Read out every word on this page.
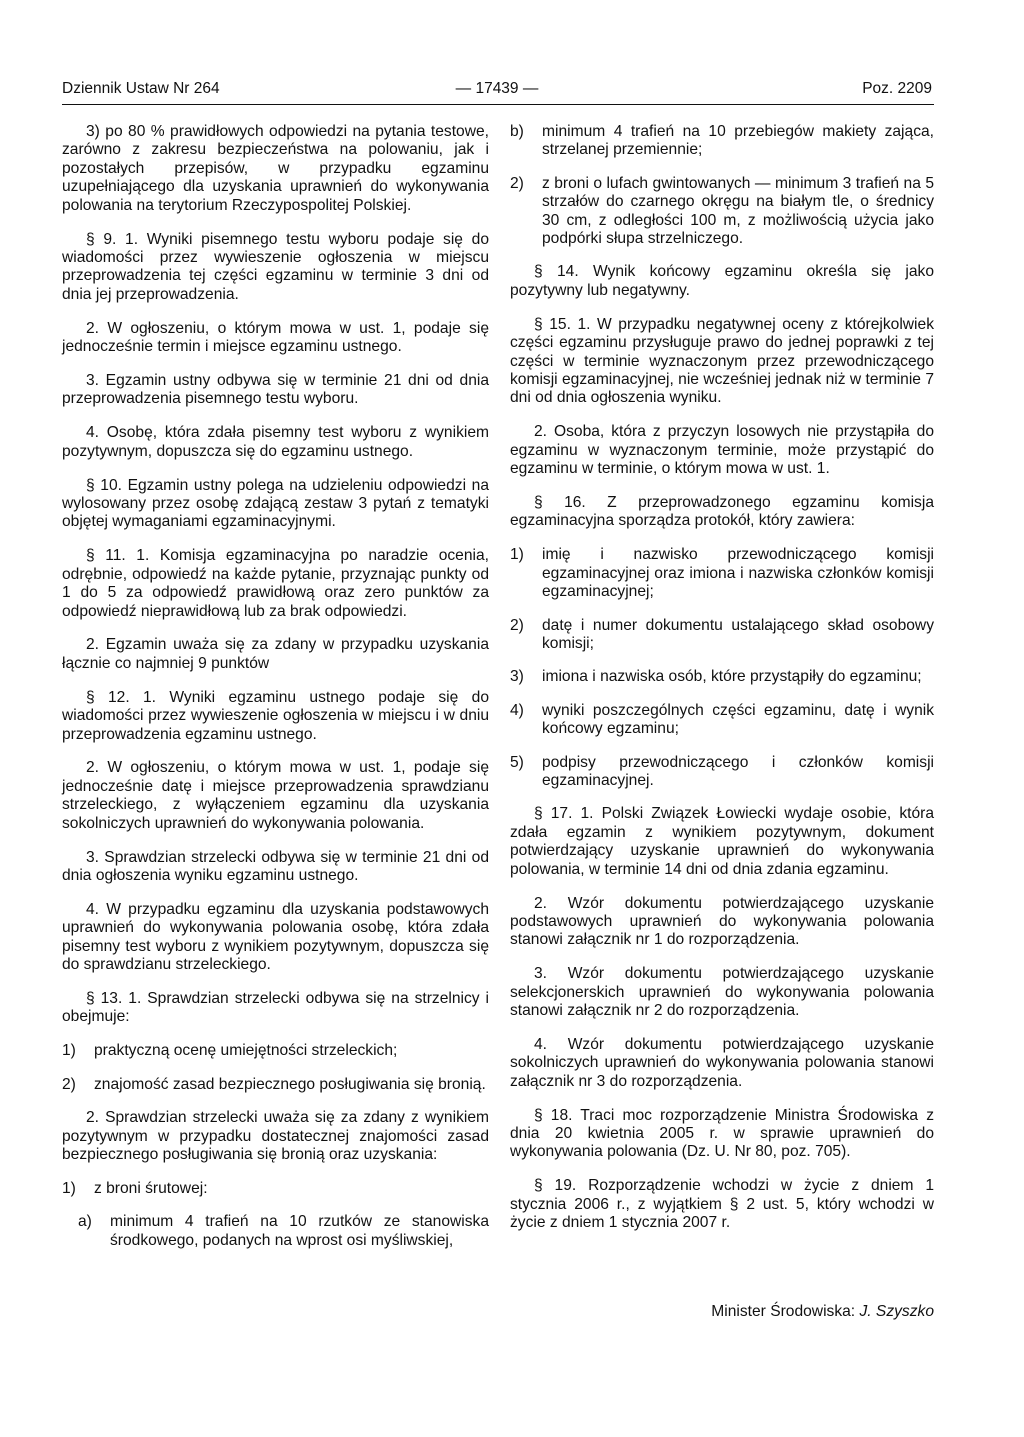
Dziennik Ustaw Nr 264	— 17439 —	Poz. 2209

3) po 80 % prawidłowych odpowiedzi na pytania testowe, zarówno z zakresu bezpieczeństwa na polowaniu, jak i pozostałych przepisów, w przypadku egzaminu uzupełniającego dla uzyskania uprawnień do wykonywania polowania na terytorium Rzeczypospolitej Polskiej.

§ 9. 1. Wyniki pisemnego testu wyboru podaje się do wiadomości przez wywieszenie ogłoszenia w miejscu przeprowadzenia tej części egzaminu w terminie 3 dni od dnia jej przeprowadzenia.

2. W ogłoszeniu, o którym mowa w ust. 1, podaje się jednocześnie termin i miejsce egzaminu ustnego.

3. Egzamin ustny odbywa się w terminie 21 dni od dnia przeprowadzenia pisemnego testu wyboru.

4. Osobę, która zdała pisemny test wyboru z wynikiem pozytywnym, dopuszcza się do egzaminu ustnego.

§ 10. Egzamin ustny polega na udzieleniu odpowiedzi na wylosowany przez osobę zdającą zestaw 3 pytań z tematyki objętej wymaganiami egzaminacyjnymi.

§ 11. 1. Komisja egzaminacyjna po naradzie ocenia, odrębnie, odpowiedź na każde pytanie, przyznając punkty od 1 do 5 za odpowiedź prawidłową oraz zero punktów za odpowiedź nieprawidłową lub za brak odpowiedzi.

2. Egzamin uważa się za zdany w przypadku uzyskania łącznie co najmniej 9 punktów

§ 12. 1. Wyniki egzaminu ustnego podaje się do wiadomości przez wywieszenie ogłoszenia w miejscu i w dniu przeprowadzenia egzaminu ustnego.

2. W ogłoszeniu, o którym mowa w ust. 1, podaje się jednocześnie datę i miejsce przeprowadzenia sprawdzianu strzeleckiego, z wyłączeniem egzaminu dla uzyskania sokolniczych uprawnień do wykonywania polowania.

3. Sprawdzian strzelecki odbywa się w terminie 21 dni od dnia ogłoszenia wyniku egzaminu ustnego.

4. W przypadku egzaminu dla uzyskania podstawowych uprawnień do wykonywania polowania osobę, która zdała pisemny test wyboru z wynikiem pozytywnym, dopuszcza się do sprawdzianu strzeleckiego.

§ 13. 1. Sprawdzian strzelecki odbywa się na strzelnicy i obejmuje:

1) praktyczną ocenę umiejętności strzeleckich;
2) znajomość zasad bezpiecznego posługiwania się bronią.

2. Sprawdzian strzelecki uważa się za zdany z wynikiem pozytywnym w przypadku dostatecznej znajomości zasad bezpiecznego posługiwania się bronią oraz uzyskania:

1) z broni śrutowej:
a) minimum 4 trafień na 10 rzutków ze stanowiska środkowego, podanych na wprost osi myśliwskiej,
b) minimum 4 trafień na 10 przebiegów makiety zająca, strzelanej przemiennie;
2) z broni o lufach gwintowanych — minimum 3 trafień na 5 strzałów do czarnego okręgu na białym tle, o średnicy 30 cm, z odległości 100 m, z możliwością użycia jako podpórki słupa strzelniczego.

§ 14. Wynik końcowy egzaminu określa się jako pozytywny lub negatywny.

§ 15. 1. W przypadku negatywnej oceny z którejkolwiek części egzaminu przysługuje prawo do jednej poprawki z tej części w terminie wyznaczonym przez przewodniczącego komisji egzaminacyjnej, nie wcześniej jednak niż w terminie 7 dni od dnia ogłoszenia wyniku.

2. Osoba, która z przyczyn losowych nie przystąpiła do egzaminu w wyznaczonym terminie, może przystąpić do egzaminu w terminie, o którym mowa w ust. 1.

§ 16. Z przeprowadzonego egzaminu komisja egzaminacyjna sporządza protokół, który zawiera:

1) imię i nazwisko przewodniczącego komisji egzaminacyjnej oraz imiona i nazwiska członków komisji egzaminacyjnej;
2) datę i numer dokumentu ustalającego skład osobowy komisji;
3) imiona i nazwiska osób, które przystąpiły do egzaminu;
4) wyniki poszczególnych części egzaminu, datę i wynik końcowy egzaminu;
5) podpisy przewodniczącego i członków komisji egzaminacyjnej.

§ 17. 1. Polski Związek Łowiecki wydaje osobie, która zdała egzamin z wynikiem pozytywnym, dokument potwierdzający uzyskanie uprawnień do wykonywania polowania, w terminie 14 dni od dnia zdania egzaminu.

2. Wzór dokumentu potwierdzającego uzyskanie podstawowych uprawnień do wykonywania polowania stanowi załącznik nr 1 do rozporządzenia.

3. Wzór dokumentu potwierdzającego uzyskanie selekcjonerskich uprawnień do wykonywania polowania stanowi załącznik nr 2 do rozporządzenia.

4. Wzór dokumentu potwierdzającego uzyskanie sokolniczych uprawnień do wykonywania polowania stanowi załącznik nr 3 do rozporządzenia.

§ 18. Traci moc rozporządzenie Ministra Środowiska z dnia 20 kwietnia 2005 r. w sprawie uprawnień do wykonywania polowania (Dz. U. Nr 80, poz. 705).

§ 19. Rozporządzenie wchodzi w życie z dniem 1 stycznia 2006 r., z wyjątkiem § 2 ust. 5, który wchodzi w życie z dniem 1 stycznia 2007 r.

Minister Środowiska: J. Szyszko
